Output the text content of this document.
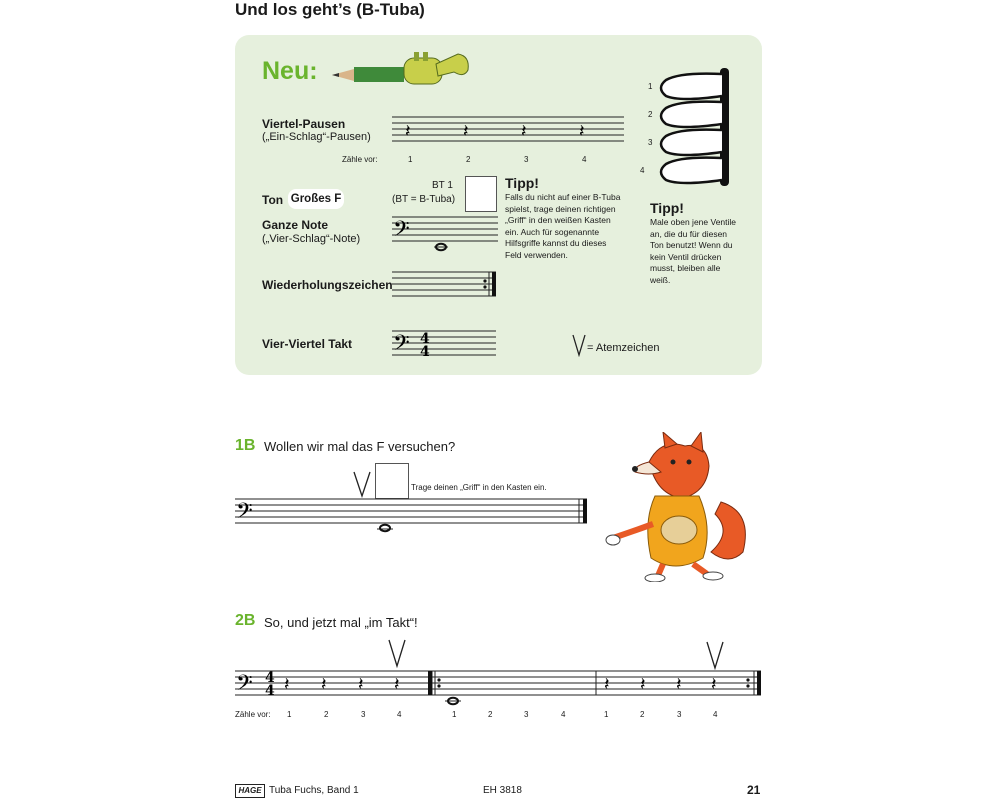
Und los geht’s (B-Tuba)
Neu:
Viertel-Pausen
(„Ein-Schlag“-Pausen) 𝄽	𝄽	𝄽	𝄽
Zähle vor:	1	2	3	4
Ton Großes F
BT 1
(BT = B-Tuba)
Tipp!
Falls du nicht auf einer B-Tuba
spielst, trage deinen richtigen
„Griff“ in den weißen Kasten
ein. Auch für sogenannte
Hilfsgriffe kannst du dieses
Feld verwenden.
Ganze Note
(„Vier-Schlag“-Note) 𝄢
Wiederholungszeichen
Vier-Viertel Takt 𝄢 4
4	= Atemzeichen
1
2
3
4
Tipp!
Male oben jene Ventile
an, die du für diesen
Ton benutzt! Wenn du
kein Ventil drücken
musst, bleiben alle
weiß.
1B Wollen wir mal das F versuchen?
Trage deinen „Griff“ in den Kasten ein.
𝄢
2B So, und jetzt mal „im Takt“!
𝄢 4
4 𝄽 𝄽 𝄽 𝄽	𝄽 𝄽 𝄽 𝄽
Zähle vor: 1	2	3	4	1	2	3	4	1	2	3	4
HAGE Tuba Fuchs, Band 1	EH 3818	21
